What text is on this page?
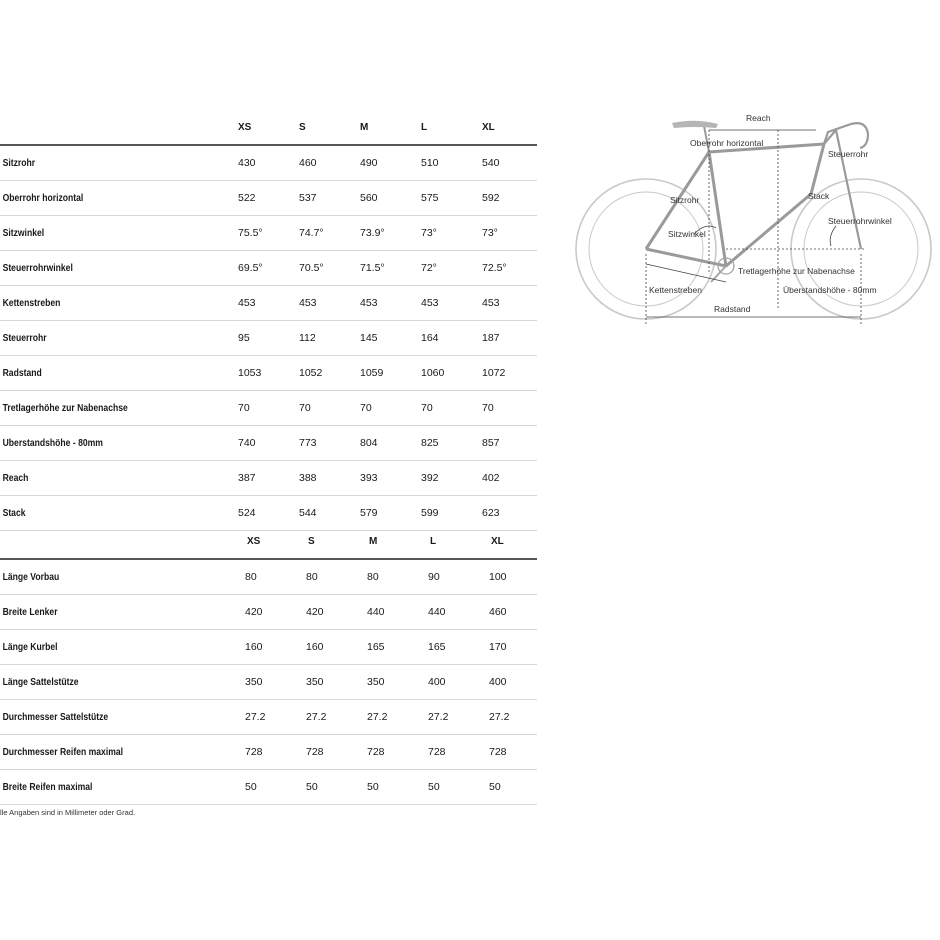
XS	S	M	L	XL
Sitzrohr	430	460	490	510	540
Oberrohr horizontal	522	537	560	575	592
Sitzwinkel	75.5°	74.7°	73.9°	73°	73°
Steuerrohrwinkel	69.5°	70.5°	71.5°	72°	72.5°
Kettenstreben	453	453	453	453	453
Steuerrohr	95	112	145	164	187
Radstand	1053	1052	1059	1060	1072
Tretlagerhöhe zur Nabenachse	70	70	70	70	70
Überstandshöhe - 80mm	740	773	804	825	857
Reach	387	388	393	392	402
Stack	524	544	579	599	623
XS	S	M	L	XL
Länge Vorbau	80	80	80	90	100
Breite Lenker	420	420	440	440	460
Länge Kurbel	160	160	165	165	170
Länge Sattelstütze	350	350	350	400	400
Durchmesser Sattelstütze	27.2	27.2	27.2	27.2	27.2
Durchmesser Reifen maximal	728	728	728	728	728
Breite Reifen maximal	50	50	50	50	50
lle Angaben sind in Millimeter oder Grad.
Reach
Oberrohr horizontal
Steuerrohr
Sitzrohr	Stack
Steuerrohrwinkel
Sitzwinkel
Tretlagerhöhe zur Nabenachse
Kettenstreben	Überstandshöhe - 80mm
Radstand
